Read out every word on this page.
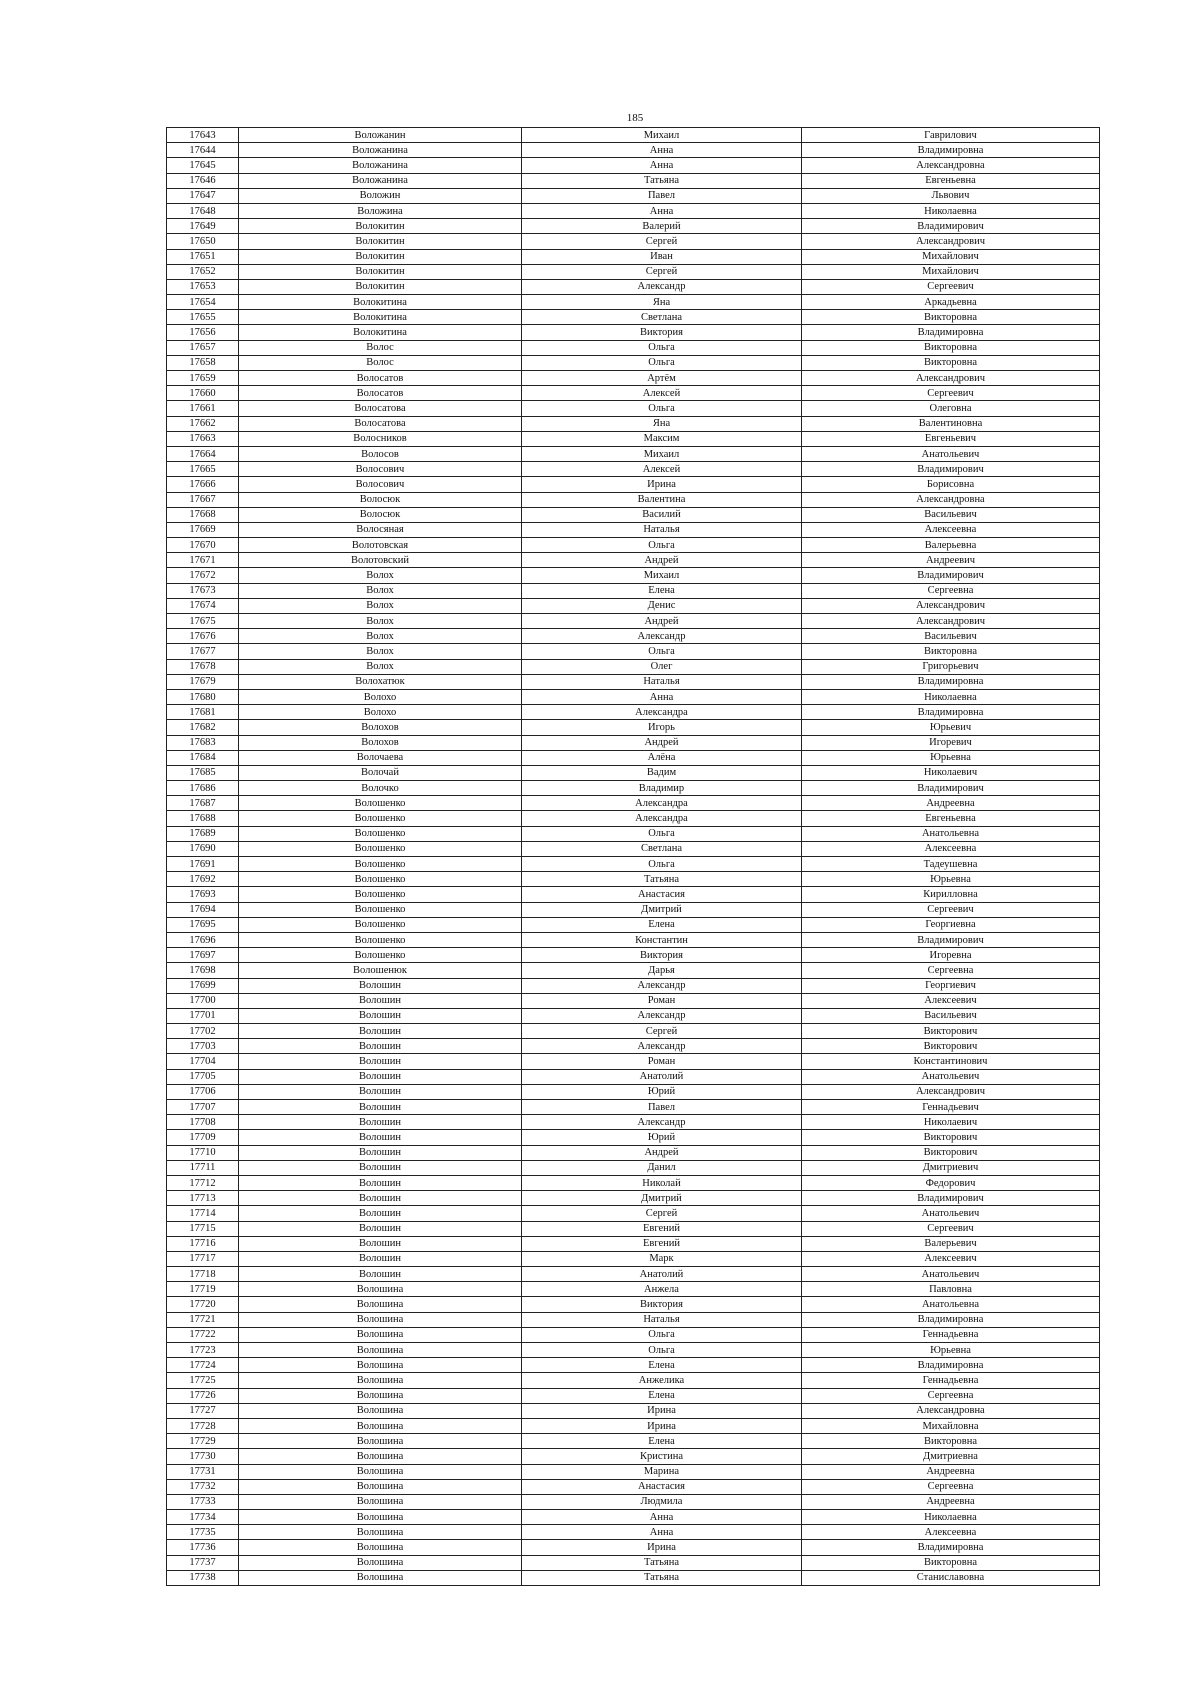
185
17643	Воложанин	Михаил	Гаврилович
17644	Воложанина	Анна	Владимировна
17645	Воложанина	Анна	Александровна
17646	Воложанина	Татьяна	Евгеньевна
17647	Воложин	Павел	Львович
17648	Воложина	Анна	Николаевна
17649	Волокитин	Валерий	Владимирович
17650	Волокитин	Сергей	Александрович
17651	Волокитин	Иван	Михайлович
17652	Волокитин	Сергей	Михайлович
17653	Волокитин	Александр	Сергеевич
17654	Волокитина	Яна	Аркадьевна
17655	Волокитина	Светлана	Викторовна
17656	Волокитина	Виктория	Владимировна
17657	Волос	Ольга	Викторовна
17658	Волос	Ольга	Викторовна
17659	Волосатов	Артём	Александрович
17660	Волосатов	Алексей	Сергеевич
17661	Волосатова	Ольга	Олеговна
17662	Волосатова	Яна	Валентиновна
17663	Волосников	Максим	Евгеньевич
17664	Волосов	Михаил	Анатольевич
17665	Волосович	Алексей	Владимирович
17666	Волосович	Ирина	Борисовна
17667	Волосюк	Валентина	Александровна
17668	Волосюк	Василий	Васильевич
17669	Волосяная	Наталья	Алексеевна
17670	Волотовская	Ольга	Валерьевна
17671	Волотовский	Андрей	Андреевич
17672	Волох	Михаил	Владимирович
17673	Волох	Елена	Сергеевна
17674	Волох	Денис	Александрович
17675	Волох	Андрей	Александрович
17676	Волох	Александр	Васильевич
17677	Волох	Ольга	Викторовна
17678	Волох	Олег	Григорьевич
17679	Волохатюк	Наталья	Владимировна
17680	Волохо	Анна	Николаевна
17681	Волохо	Александра	Владимировна
17682	Волохов	Игорь	Юрьевич
17683	Волохов	Андрей	Игоревич
17684	Волочаева	Алёна	Юрьевна
17685	Волочай	Вадим	Николаевич
17686	Волочко	Владимир	Владимирович
17687	Волошенко	Александра	Андреевна
17688	Волошенко	Александра	Евгеньевна
17689	Волошенко	Ольга	Анатольевна
17690	Волошенко	Светлана	Алексеевна
17691	Волошенко	Ольга	Тадеушевна
17692	Волошенко	Татьяна	Юрьевна
17693	Волошенко	Анастасия	Кирилловна
17694	Волошенко	Дмитрий	Сергеевич
17695	Волошенко	Елена	Георгиевна
17696	Волошенко	Константин	Владимирович
17697	Волошенко	Виктория	Игоревна
17698	Волошенюк	Дарья	Сергеевна
17699	Волошин	Александр	Георгиевич
17700	Волошин	Роман	Алексеевич
17701	Волошин	Александр	Васильевич
17702	Волошин	Сергей	Викторович
17703	Волошин	Александр	Викторович
17704	Волошин	Роман	Константинович
17705	Волошин	Анатолий	Анатольевич
17706	Волошин	Юрий	Александрович
17707	Волошин	Павел	Геннадьевич
17708	Волошин	Александр	Николаевич
17709	Волошин	Юрий	Викторович
17710	Волошин	Андрей	Викторович
17711	Волошин	Данил	Дмитриевич
17712	Волошин	Николай	Федорович
17713	Волошин	Дмитрий	Владимирович
17714	Волошин	Сергей	Анатольевич
17715	Волошин	Евгений	Сергеевич
17716	Волошин	Евгений	Валерьевич
17717	Волошин	Марк	Алексеевич
17718	Волошин	Анатолий	Анатольевич
17719	Волошина	Анжела	Павловна
17720	Волошина	Виктория	Анатольевна
17721	Волошина	Наталья	Владимировна
17722	Волошина	Ольга	Геннадьевна
17723	Волошина	Ольга	Юрьевна
17724	Волошина	Елена	Владимировна
17725	Волошина	Анжелика	Геннадьевна
17726	Волошина	Елена	Сергеевна
17727	Волошина	Ирина	Александровна
17728	Волошина	Ирина	Михайловна
17729	Волошина	Елена	Викторовна
17730	Волошина	Кристина	Дмитриевна
17731	Волошина	Марина	Андреевна
17732	Волошина	Анастасия	Сергеевна
17733	Волошина	Людмила	Андреевна
17734	Волошина	Анна	Николаевна
17735	Волошина	Анна	Алексеевна
17736	Волошина	Ирина	Владимировна
17737	Волошина	Татьяна	Викторовна
17738	Волошина	Татьяна	Станиславовна
